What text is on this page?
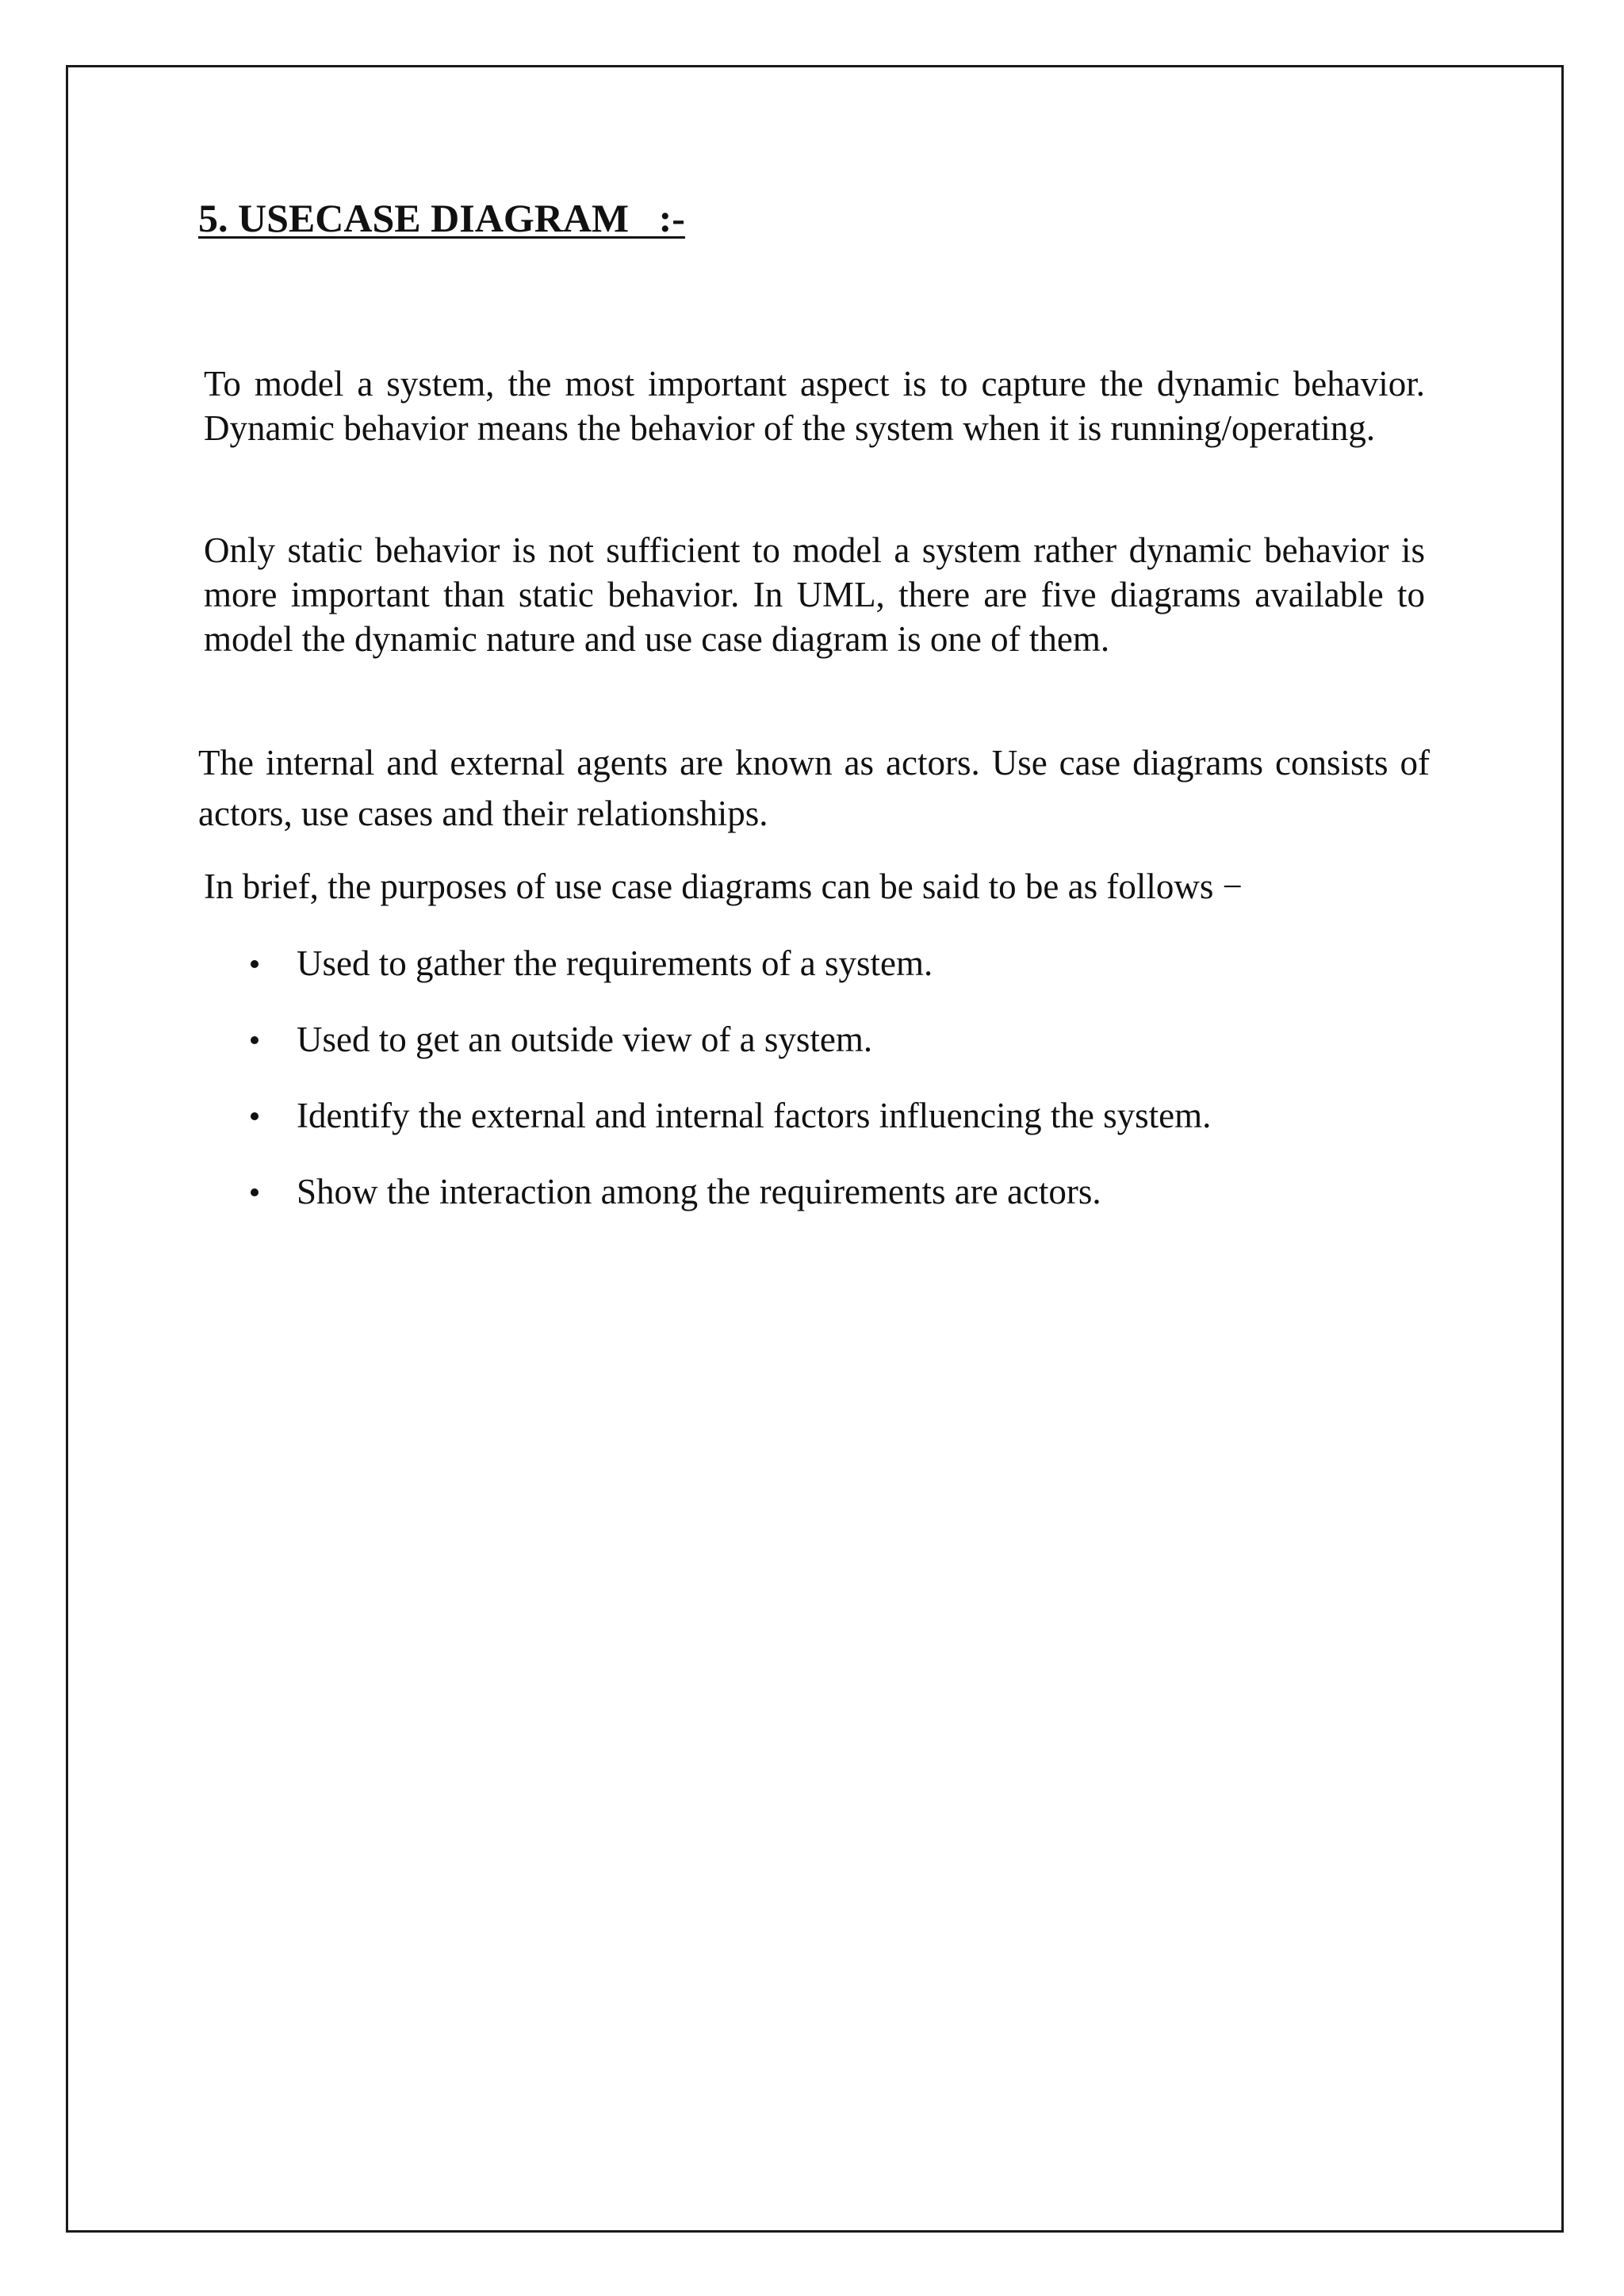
5. USECASE DIAGRAM   :-

To model a system, the most important aspect is to capture the dynamic behavior. Dynamic behavior means the behavior of the system when it is running/operating.

Only static behavior is not sufficient to model a system rather dynamic behavior is more important than static behavior. In UML, there are five diagrams available to model the dynamic nature and use case diagram is one of them.

The internal and external agents are known as actors. Use case diagrams consists of actors, use cases and their relationships.

In brief, the purposes of use case diagrams can be said to be as follows −

Used to gather the requirements of a system.
Used to get an outside view of a system.
Identify the external and internal factors influencing the system.
Show the interaction among the requirements are actors.
